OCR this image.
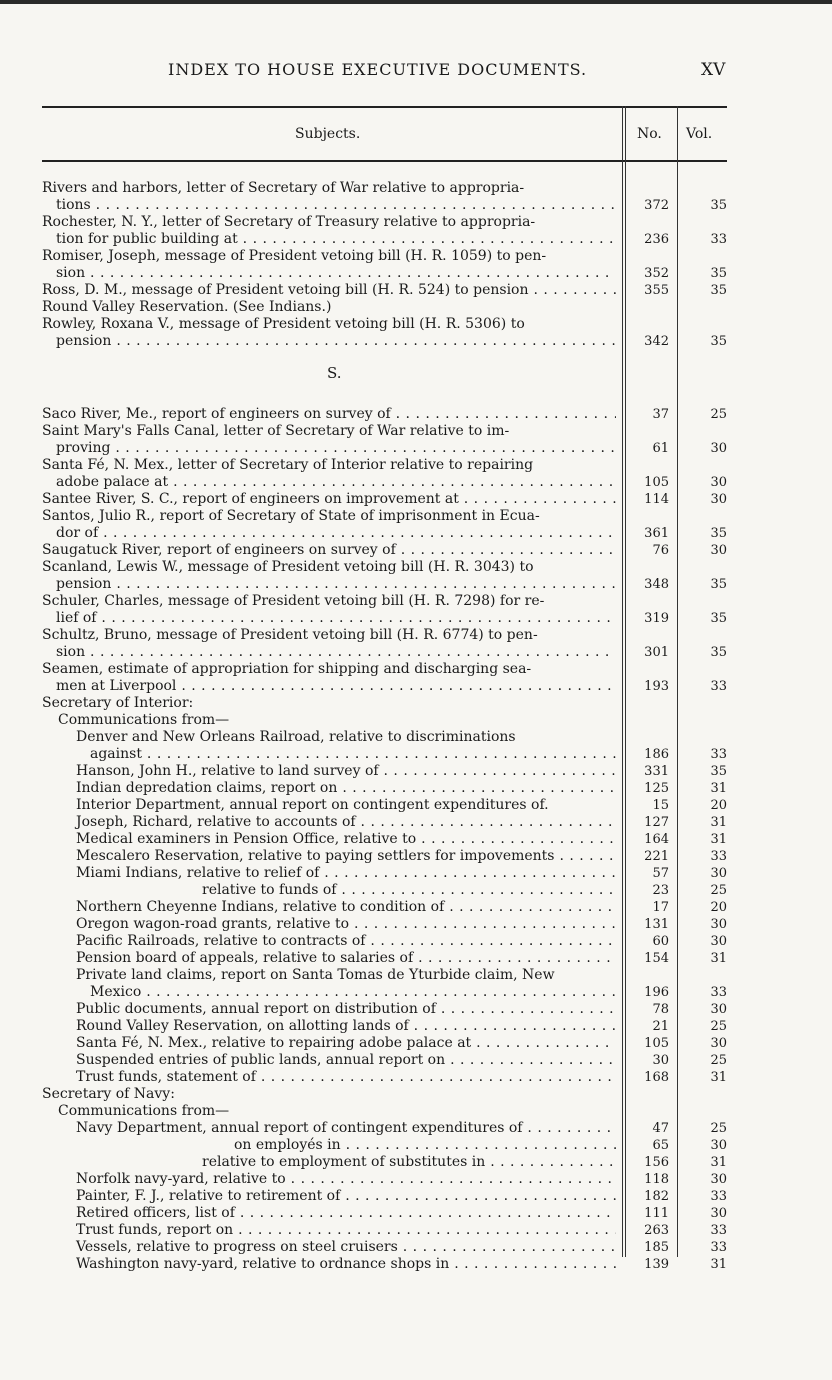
INDEX TO HOUSE EXECUTIVE DOCUMENTS.	XV
Subjects.	No. Vol.
Rivers and harbors, letter of Secretary of War relative to appropria-
tions . . .	372	35
Rochester, N. Y., letter of Secretary of Treasury relative to appropria-
tion for public building at . . .	236	33
Romiser, Joseph, message of President vetoing bill (H. R. 1059) to pen-
sion . . .	352	35
Ross, D. M., message of President vetoing bill (H. R. 524) to pension . . .	355	35
Round Valley Reservation. (See Indians.)
Rowley, Roxana V., message of President vetoing bill (H. R. 5306) to
pension . . .	342	35
S.
Saco River, Me., report of engineers on survey of . . .	37	25
Saint Mary's Falls Canal, letter of Secretary of War relative to im-
proving . . .	61	30
Santa Fé, N. Mex., letter of Secretary of Interior relative to repairing
adobe palace at . . .	105	30
Santee River, S. C., report of engineers on improvement at . . .	114	30
Santos, Julio R., report of Secretary of State of imprisonment in Ecua-
dor of . . .	361	35
Saugatuck River, report of engineers on survey of . . .	76	30
Scanland, Lewis W., message of President vetoing bill (H. R. 3043) to
pension . . .	348	35
Schuler, Charles, message of President vetoing bill (H. R. 7298) for re-
lief of . . .	319	35
Schultz, Bruno, message of President vetoing bill (H. R. 6774) to pen-
sion . . .	301	35
Seamen, estimate of appropriation for shipping and discharging sea-
men at Liverpool . . .	193	33
Secretary of Interior:
Communications from—
Denver and New Orleans Railroad, relative to discriminations
against . . .	186	33
Hanson, John H., relative to land survey of . . .	331	35
Indian depredation claims, report on . . .	125	31
Interior Department, annual report on contingent expenditures of.	15	20
Joseph, Richard, relative to accounts of . . .	127	31
Medical examiners in Pension Office, relative to . . .	164	31
Mescalero Reservation, relative to paying settlers for impovements . . .	221	33
Miami Indians, relative to relief of . . .	57	30
relative to funds of . . .	23	25
Northern Cheyenne Indians, relative to condition of . . .	17	20
Oregon wagon-road grants, relative to . . .	131	30
Pacific Railroads, relative to contracts of . . .	60	30
Pension board of appeals, relative to salaries of . . .	154	31
Private land claims, report on Santa Tomas de Yturbide claim, New
Mexico . . .	196	33
Public documents, annual report on distribution of . . .	78	30
Round Valley Reservation, on allotting lands of . . .	21	25
Santa Fé, N. Mex., relative to repairing adobe palace at . . .	105	30
Suspended entries of public lands, annual report on . . .	30	25
Trust funds, statement of . . .	168	31
Secretary of Navy:
Communications from—
Navy Department, annual report of contingent expenditures of . . .	47	25
on employés in . . .	65	30
relative to employment of substitutes in . . .	156	31
Norfolk navy-yard, relative to . . .	118	30
Painter, F. J., relative to retirement of . . .	182	33
Retired officers, list of . . .	111	30
Trust funds, report on . . .	263	33
Vessels, relative to progress on steel cruisers . . .	185	33
Washington navy-yard, relative to ordnance shops in . . .	139	31
